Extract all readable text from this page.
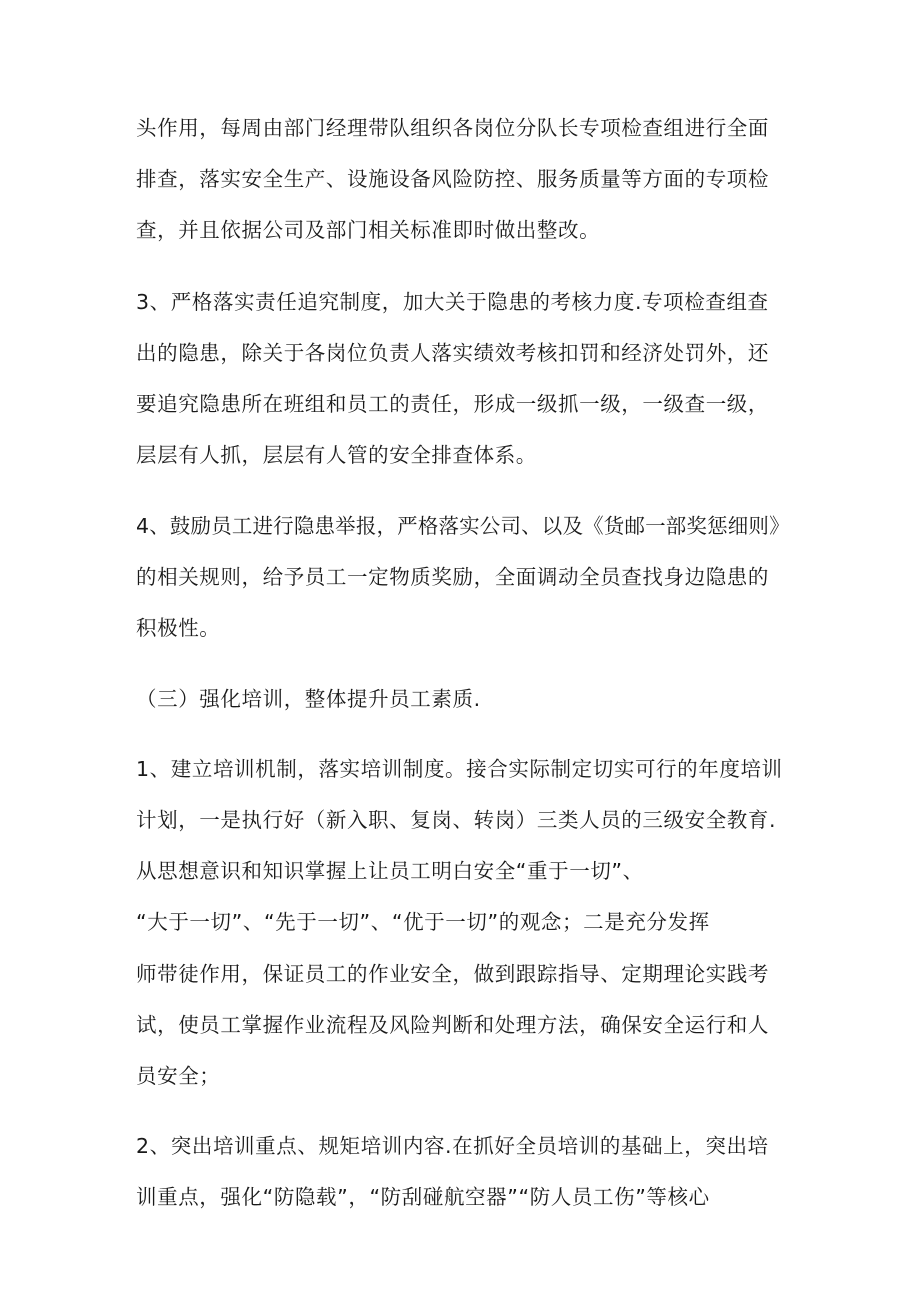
头作用，每周由部门经理带队组织各岗位分队长专项检查组进行全面
排查，落实安全生产、设施设备风险防控、服务质量等方面的专项检
查，并且依据公司及部门相关标准即时做出整改。
3、严格落实责任追究制度，加大关于隐患的考核力度.专项检查组查
出的隐患，除关于各岗位负责人落实绩效考核扣罚和经济处罚外，还
要追究隐患所在班组和员工的责任，形成一级抓一级，一级查一级，
层层有人抓，层层有人管的安全排查体系。
4、鼓励员工进行隐患举报，严格落实公司、以及《货邮一部奖惩细则》
的相关规则，给予员工一定物质奖励，全面调动全员查找身边隐患的
积极性。
（三）强化培训，整体提升员工素质.
1、建立培训机制，落实培训制度。接合实际制定切实可行的年度培训
计划，一是执行好（新入职、复岗、转岗）三类人员的三级安全教育.
从思想意识和知识掌握上让员工明白安全“重于一切”、
“大于一切”、“先于一切”、“优于一切”的观念；二是充分发挥
师带徒作用，保证员工的作业安全，做到跟踪指导、定期理论实践考
试，使员工掌握作业流程及风险判断和处理方法，确保安全运行和人
员安全；
2、突出培训重点、规矩培训内容.在抓好全员培训的基础上，突出培
训重点，强化“防隐载”，“防刮碰航空器”“防人员工伤”等核心
